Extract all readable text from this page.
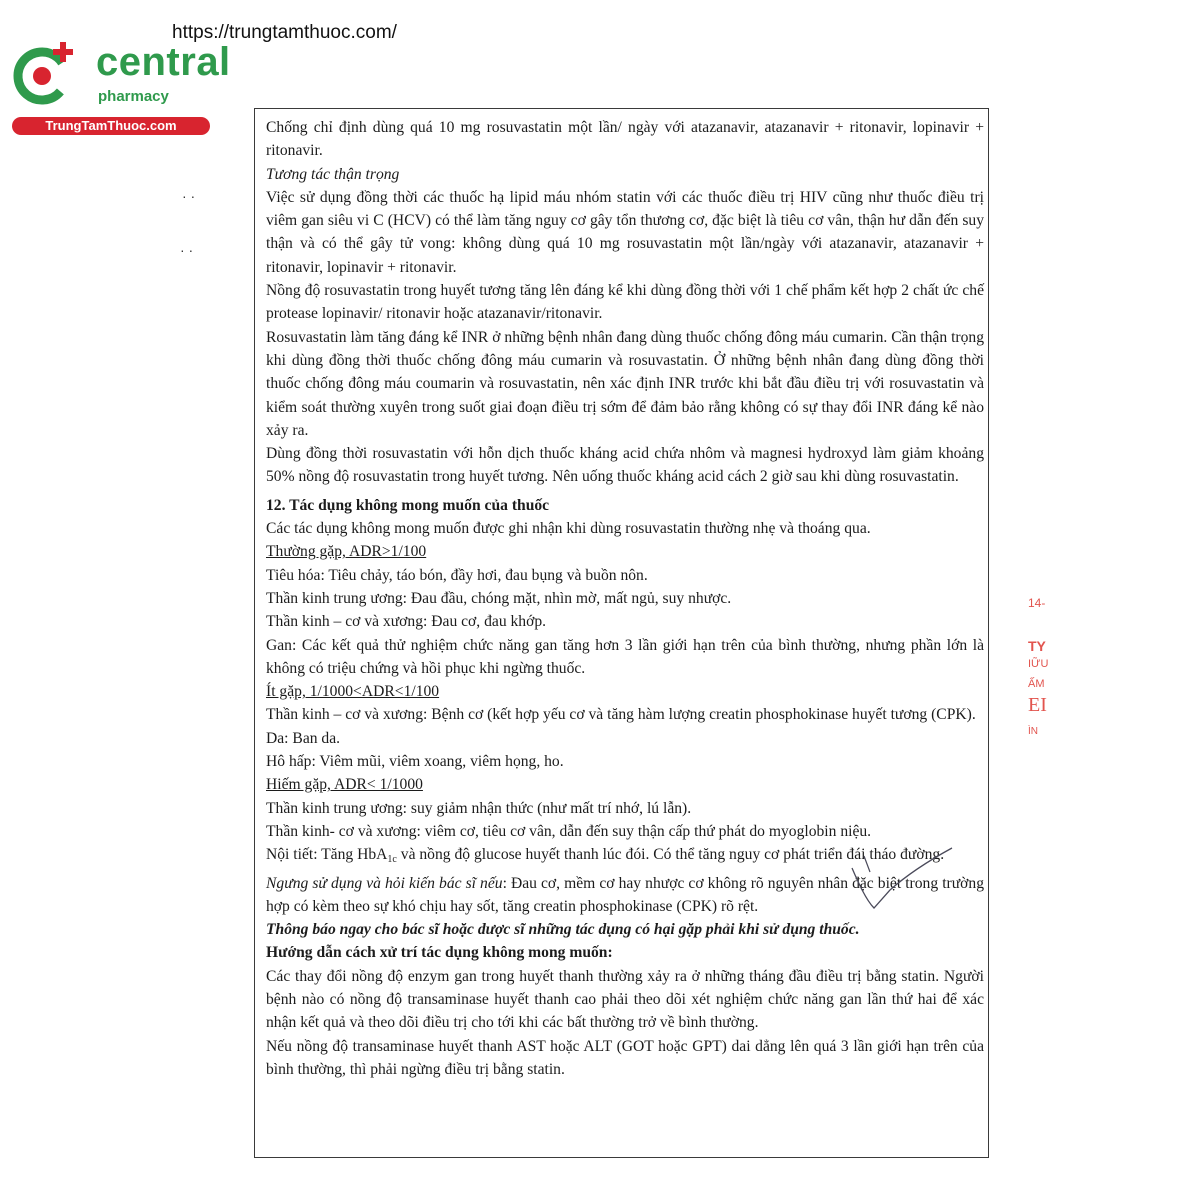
https://trungtamthuoc.com/
central
pharmacy
TrungTamThuoc.com
· ·
· ·

Chống chỉ định dùng quá 10 mg rosuvastatin một lần/ ngày với atazanavir, atazanavir + ritonavir, lopinavir + ritonavir.

Tương tác thận trọng

Việc sử dụng đồng thời các thuốc hạ lipid máu nhóm statin với các thuốc điều trị HIV cũng như thuốc điều trị viêm gan siêu vi C (HCV) có thể làm tăng nguy cơ gây tổn thương cơ, đặc biệt là tiêu cơ vân, thận hư dẫn đến suy thận và có thể gây tử vong: không dùng quá 10 mg rosuvastatin một lần/ngày với atazanavir, atazanavir + ritonavir, lopinavir + ritonavir.

Nồng độ rosuvastatin trong huyết tương tăng lên đáng kể khi dùng đồng thời với 1 chế phẩm kết hợp 2 chất ức chế protease lopinavir/ ritonavir hoặc atazanavir/ritonavir.

Rosuvastatin làm tăng đáng kể INR ở những bệnh nhân đang dùng thuốc chống đông máu cumarin. Cần thận trọng khi dùng đồng thời thuốc chống đông máu cumarin và rosuvastatin. Ở những bệnh nhân đang dùng đồng thời thuốc chống đông máu coumarin và rosuvastatin, nên xác định INR trước khi bắt đầu điều trị với rosuvastatin và kiểm soát thường xuyên trong suốt giai đoạn điều trị sớm để đảm bảo rằng không có sự thay đổi INR đáng kể nào xảy ra.

Dùng đồng thời rosuvastatin với hỗn dịch thuốc kháng acid chứa nhôm và magnesi hydroxyd làm giảm khoảng 50% nồng độ rosuvastatin trong huyết tương. Nên uống thuốc kháng acid cách 2 giờ sau khi dùng rosuvastatin.

12. Tác dụng không mong muốn của thuốc

Các tác dụng không mong muốn được ghi nhận khi dùng rosuvastatin thường nhẹ và thoáng qua.

Thường gặp, ADR>1/100

Tiêu hóa: Tiêu chảy, táo bón, đầy hơi, đau bụng và buồn nôn.

Thần kinh trung ương: Đau đầu, chóng mặt, nhìn mờ, mất ngủ, suy nhược.

Thần kinh – cơ và xương: Đau cơ, đau khớp.

Gan: Các kết quả thử nghiệm chức năng gan tăng hơn 3 lần giới hạn trên của bình thường, nhưng phần lớn là không có triệu chứng và hồi phục khi ngừng thuốc.

Ít gặp, 1/1000<ADR<1/100

Thần kinh – cơ và xương: Bệnh cơ (kết hợp yếu cơ và tăng hàm lượng creatin phosphokinase huyết tương (CPK).

Da: Ban da.

Hô hấp: Viêm mũi, viêm xoang, viêm họng, ho.

Hiếm gặp, ADR< 1/1000

Thần kinh trung ương: suy giảm nhận thức (như mất trí nhớ, lú lẫn).

Thần kinh- cơ và xương: viêm cơ, tiêu cơ vân, dẫn đến suy thận cấp thứ phát do myoglobin niệu.

Nội tiết: Tăng HbA$_{1c}$ và nồng độ glucose huyết thanh lúc đói. Có thể tăng nguy cơ phát triển đái tháo đường.

Ngưng sử dụng và hỏi kiến bác sĩ nếu: Đau cơ, mềm cơ hay nhược cơ không rõ nguyên nhân đặc biệt trong trường hợp có kèm theo sự khó chịu hay sốt, tăng creatin phosphokinase (CPK) rõ rệt.

Thông báo ngay cho bác sĩ hoặc dược sĩ những tác dụng có hại gặp phải khi sử dụng thuốc.

Hướng dẫn cách xử trí tác dụng không mong muốn:

Các thay đổi nồng độ enzym gan trong huyết thanh thường xảy ra ở những tháng đầu điều trị bằng statin. Người bệnh nào có nồng độ transaminase huyết thanh cao phải theo dõi xét nghiệm chức năng gan lần thứ hai để xác nhận kết quả và theo dõi điều trị cho tới khi các bất thường trở về bình thường.

Nếu nồng độ transaminase huyết thanh AST hoặc ALT (GOT hoặc GPT) dai dẳng lên quá 3 lần giới hạn trên của bình thường, thì phải ngừng điều trị bằng statin.

14-
TY
IỮU
ẤM
EI
ÌN
